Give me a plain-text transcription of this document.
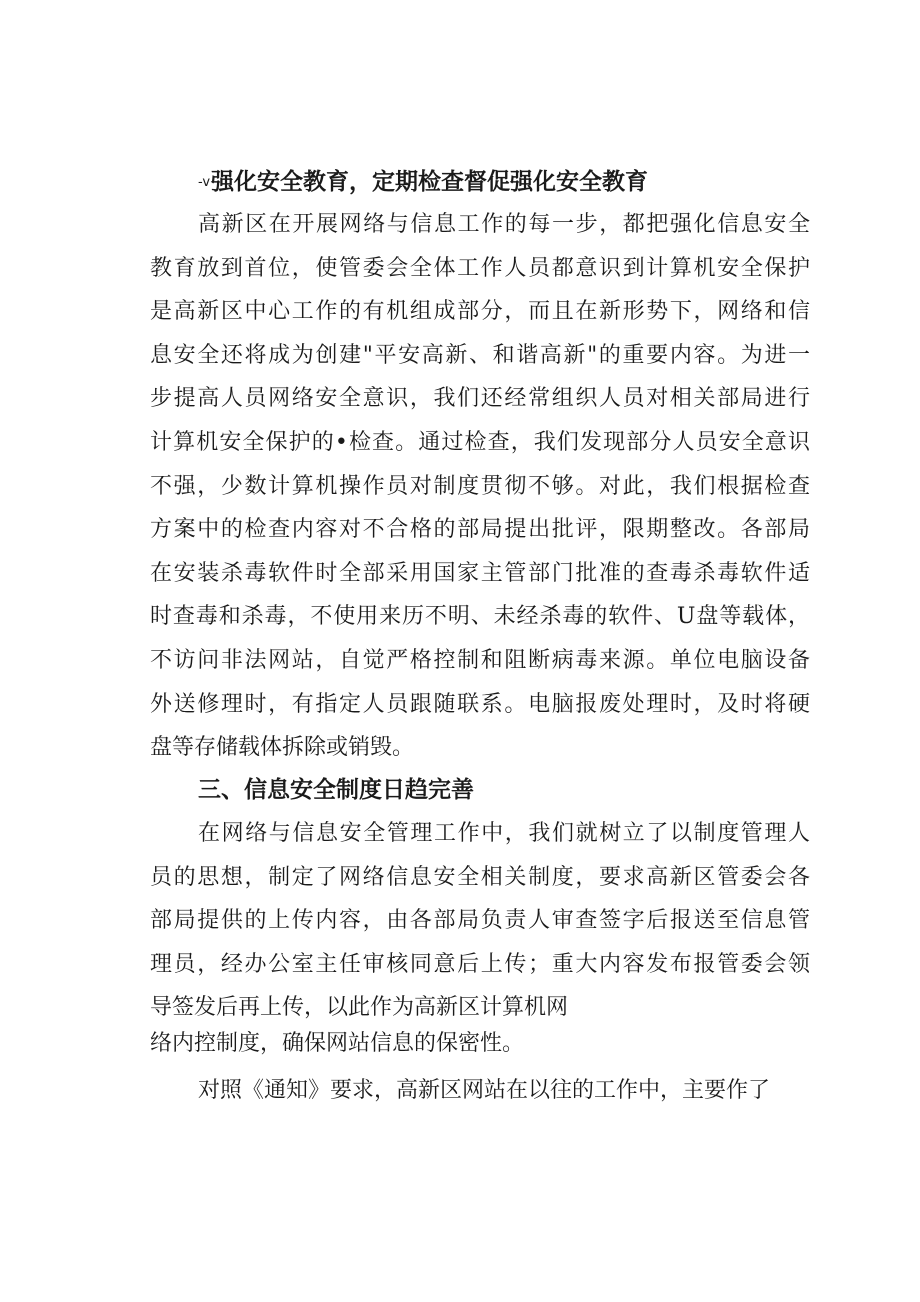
-v强化安全教育，定期检查督促强化安全教育
高新区在开展网络与信息工作的每一步，都把强化信息安全
教育放到首位，使管委会全体工作人员都意识到计算机安全保护
是高新区中心工作的有机组成部分，而且在新形势下，网络和信
息安全还将成为创建"平安高新、和谐高新"的重要内容。为进一
步提高人员网络安全意识，我们还经常组织人员对相关部局进行
计算机安全保护的•检查。通过检查，我们发现部分人员安全意识
不强，少数计算机操作员对制度贯彻不够。对此，我们根据检查
方案中的检查内容对不合格的部局提出批评，限期整改。各部局
在安装杀毒软件时全部采用国家主管部门批准的查毒杀毒软件适
时查毒和杀毒，不使用来历不明、未经杀毒的软件、U盘等载体，
不访问非法网站，自觉严格控制和阻断病毒来源。单位电脑设备
外送修理时，有指定人员跟随联系。电脑报废处理时，及时将硬
盘等存储载体拆除或销毁。
三、信息安全制度日趋完善
在网络与信息安全管理工作中，我们就树立了以制度管理人
员的思想，制定了网络信息安全相关制度，要求高新区管委会各
部局提供的上传内容，由各部局负责人审查签字后报送至信息管
理员，经办公室主任审核同意后上传；重大内容发布报管委会领
导签发后再上传，以此作为高新区计算机网
络内控制度，确保网站信息的保密性。
对照《通知》要求，高新区网站在以往的工作中，主要作了
